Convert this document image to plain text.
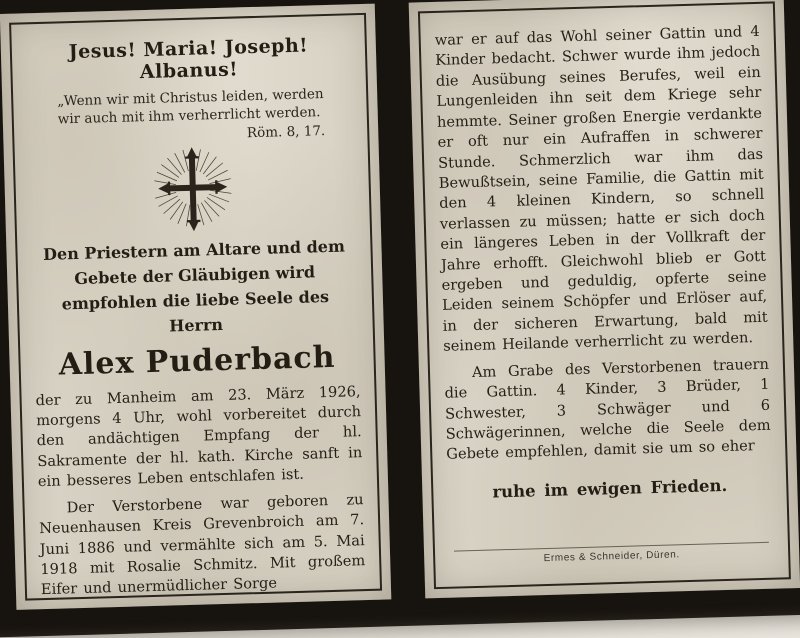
Jesus! Maria! Joseph! Albanus!
„Wenn wir mit Christus leiden, werden wir auch mit ihm verherrlicht werden.
Röm. 8, 17.
Den Priestern am Altare und dem
Gebete der Gläubigen wird
empfohlen die liebe Seele des Herrn
Alex Puderbach

der zu Manheim am 23. März 1926, morgens 4 Uhr, wohl vorbereitet durch den andächtigen Empfang der hl. Sakramente der hl. kath. Kirche sanft in ein besseres Leben entschlafen ist.

Der Verstorbene war geboren zu Neuenhausen Kreis Grevenbroich am 7. Juni 1886 und vermählte sich am 5. Mai 1918 mit Rosalie Schmitz. Mit großem Eifer und unermüdlicher Sorge

war er auf das Wohl seiner Gattin und 4 Kinder bedacht. Schwer wurde ihm jedoch die Ausübung seines Berufes, weil ein Lungenleiden ihn seit dem Kriege sehr hemmte. Seiner großen Energie verdankte er oft nur ein Aufraffen in schwerer Stunde. Schmerzlich war ihm das Bewußtsein, seine Familie, die Gattin mit den 4 kleinen Kindern, so schnell verlassen zu müssen; hatte er sich doch ein längeres Leben in der Vollkraft der Jahre erhofft. Gleichwohl blieb er Gott ergeben und geduldig, opferte seine Leiden seinem Schöpfer und Erlöser auf, in der sicheren Erwartung, bald mit seinem Heilande verherrlicht zu werden.

Am Grabe des Verstorbenen trauern die Gattin. 4 Kinder, 3 Brüder, 1 Schwester, 3 Schwäger und 6 Schwägerinnen, welche die Seele dem Gebete empfehlen, damit sie um so eher

ruhe im ewigen Frieden.
Ermes & Schneider, Düren.
